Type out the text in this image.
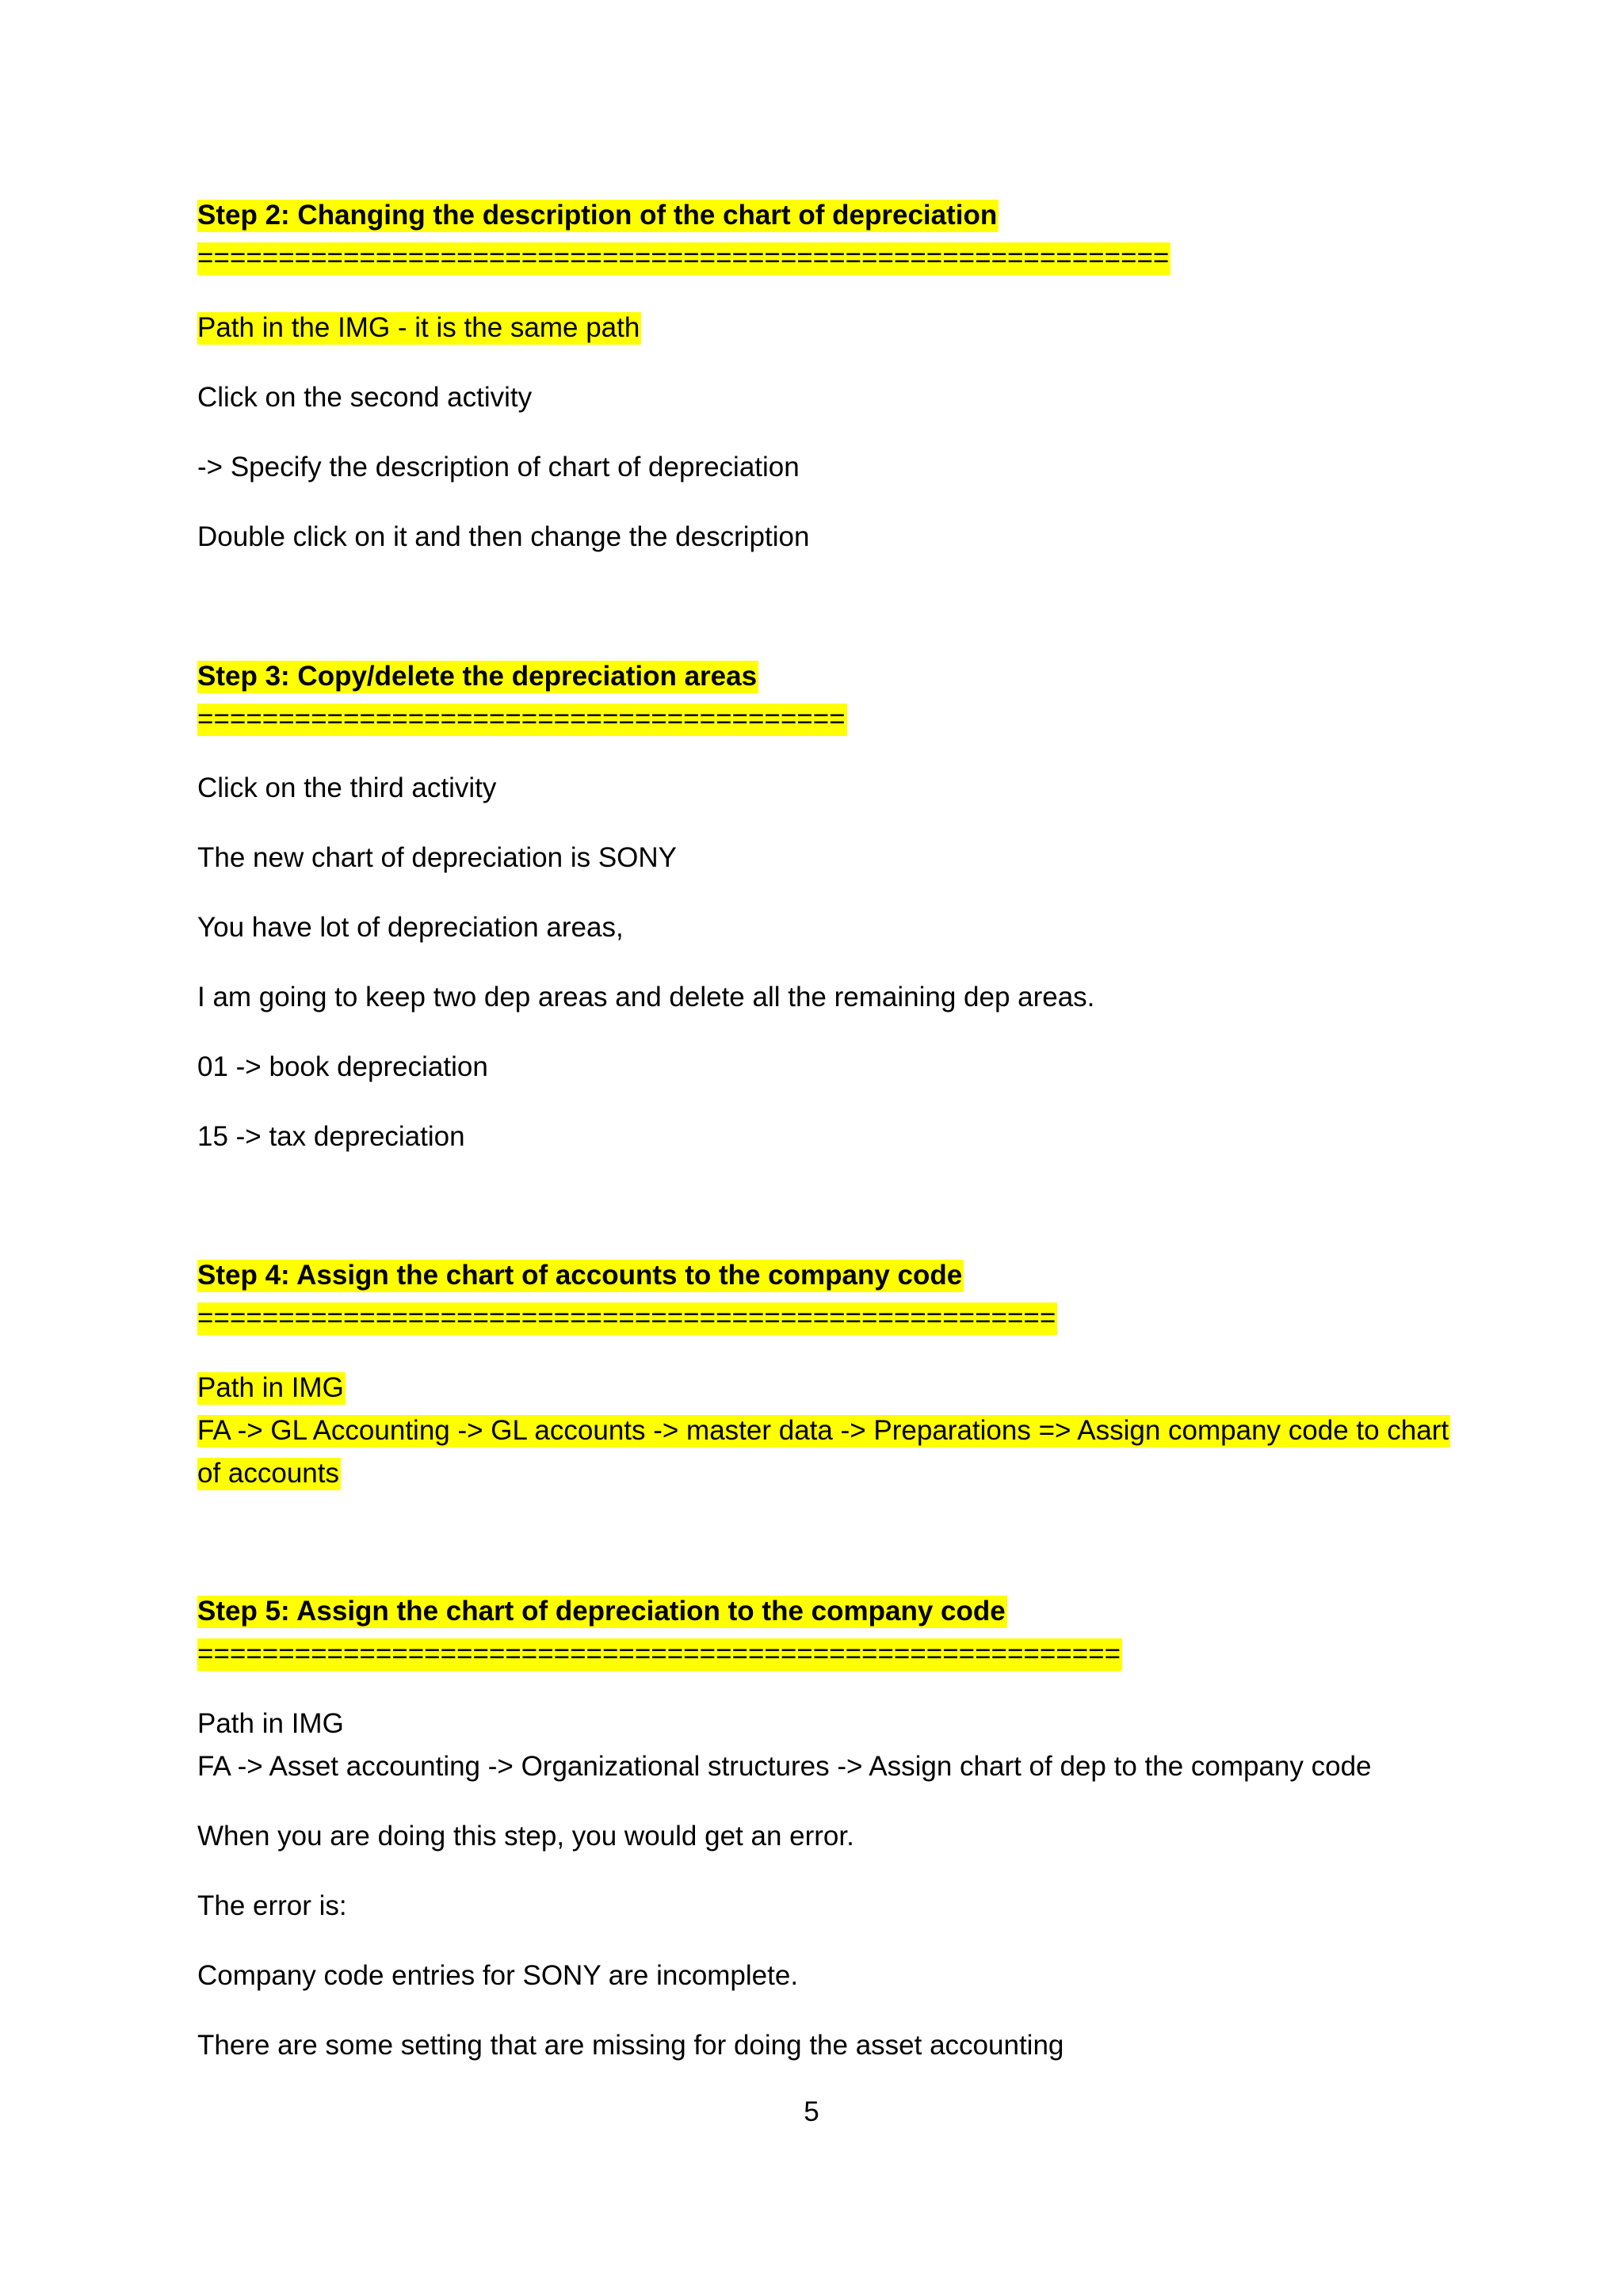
Step 2: Changing the description of the chart of depreciation

============================================================

Path in the IMG - it is the same path

Click on the second activity

-> Specify the description of chart of depreciation

Double click on it and then change the description

Step 3: Copy/delete the depreciation areas

========================================

Click on the third activity

The new chart of depreciation is SONY

You have lot of depreciation areas,

I am going to keep two dep areas and delete all the remaining dep areas.

01 -> book depreciation

15 -> tax depreciation

Step 4: Assign the chart of accounts to the company code

=====================================================

Path in IMG

FA -> GL Accounting -> GL accounts -> master data -> Preparations => Assign company code to chart

of accounts

Step 5: Assign the chart of depreciation to the company code

=========================================================

Path in IMG

FA -> Asset accounting -> Organizational structures -> Assign chart of dep to the company code

When you are doing this step, you would get an error.

The error is:

Company code entries for SONY are incomplete.

There are some setting that are missing for doing the asset accounting

5
